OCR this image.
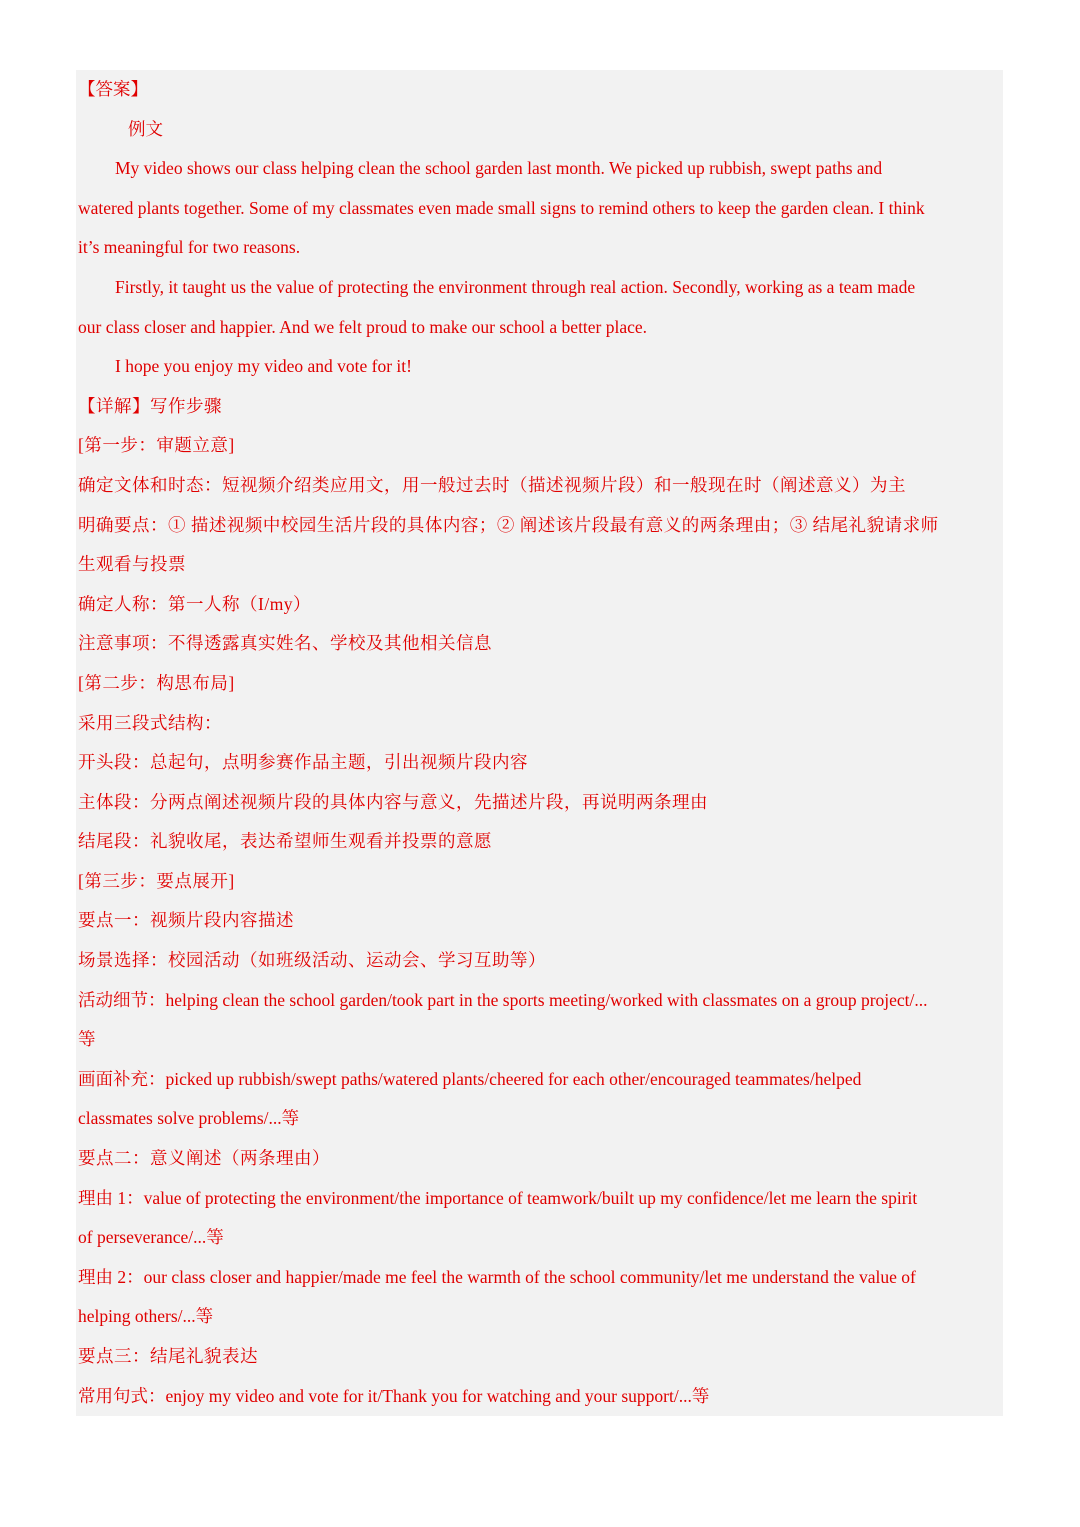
【答案】
例文
My video shows our class helping clean the school garden last month. We picked up rubbish, swept paths and
watered plants together. Some of my classmates even made small signs to remind others to keep the garden clean. I think
it’s meaningful for two reasons.
Firstly, it taught us the value of protecting the environment through real action. Secondly, working as a team made
our class closer and happier. And we felt proud to make our school a better place.
I hope you enjoy my video and vote for it!
【详解】写作步骤
[第一步：审题立意]
确定文体和时态：短视频介绍类应用文，用一般过去时（描述视频片段）和一般现在时（阐述意义）为主
明确要点：① 描述视频中校园生活片段的具体内容；② 阐述该片段最有意义的两条理由；③ 结尾礼貌请求师
生观看与投票
确定人称：第一人称（I/my）
注意事项：不得透露真实姓名、学校及其他相关信息
[第二步：构思布局]
采用三段式结构：
开头段：总起句，点明参赛作品主题，引出视频片段内容
主体段：分两点阐述视频片段的具体内容与意义，先描述片段，再说明两条理由
结尾段：礼貌收尾，表达希望师生观看并投票的意愿
[第三步：要点展开]
要点一：视频片段内容描述
场景选择：校园活动（如班级活动、运动会、学习互助等）
活动细节：helping clean the school garden/took part in the sports meeting/worked with classmates on a group project/...
等
画面补充：picked up rubbish/swept paths/watered plants/cheered for each other/encouraged teammates/helped
classmates solve problems/...等
要点二：意义阐述（两条理由）
理由 1：value of protecting the environment/the importance of teamwork/built up my confidence/let me learn the spirit
of perseverance/...等
理由 2：our class closer and happier/made me feel the warmth of the school community/let me understand the value of
helping others/...等
要点三：结尾礼貌表达
常用句式：enjoy my video and vote for it/Thank you for watching and your support/...等
